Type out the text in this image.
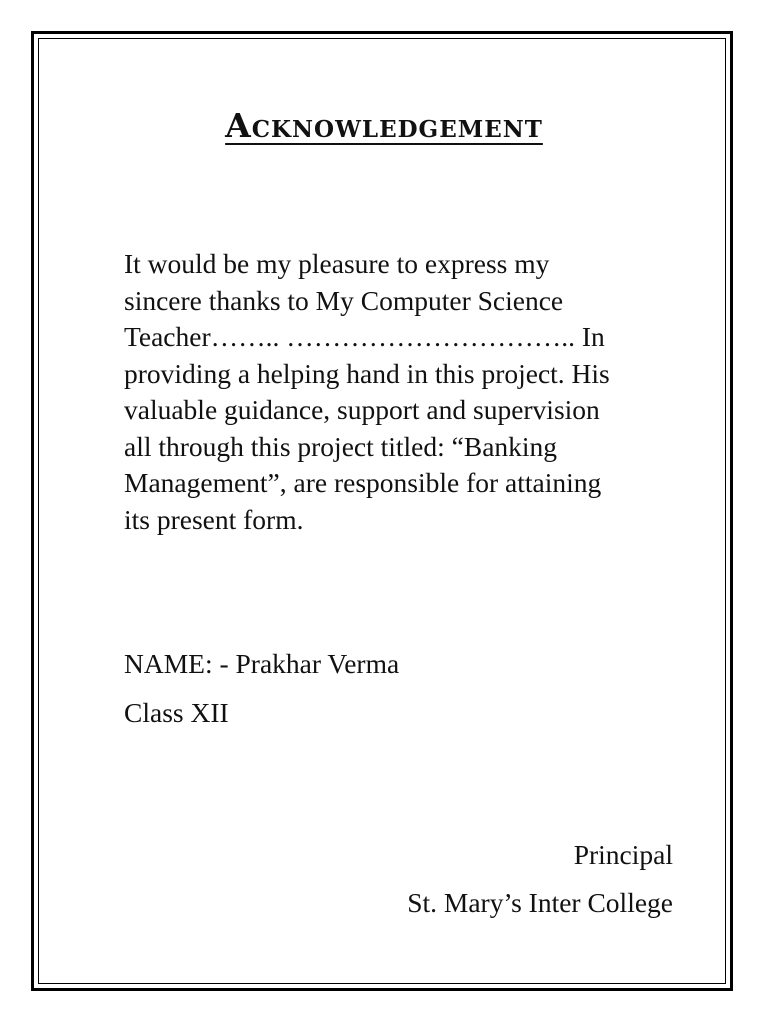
Acknowledgement

It would be my pleasure to express my
sincere thanks to My Computer Science
Teacher…….. ………………………….. In
providing a helping hand in this project. His
valuable guidance, support and supervision
all through this project titled: “Banking
Management”, are responsible for attaining
its present form.

NAME: - Prakhar Verma
Class XII
Principal
St. Mary’s Inter College
